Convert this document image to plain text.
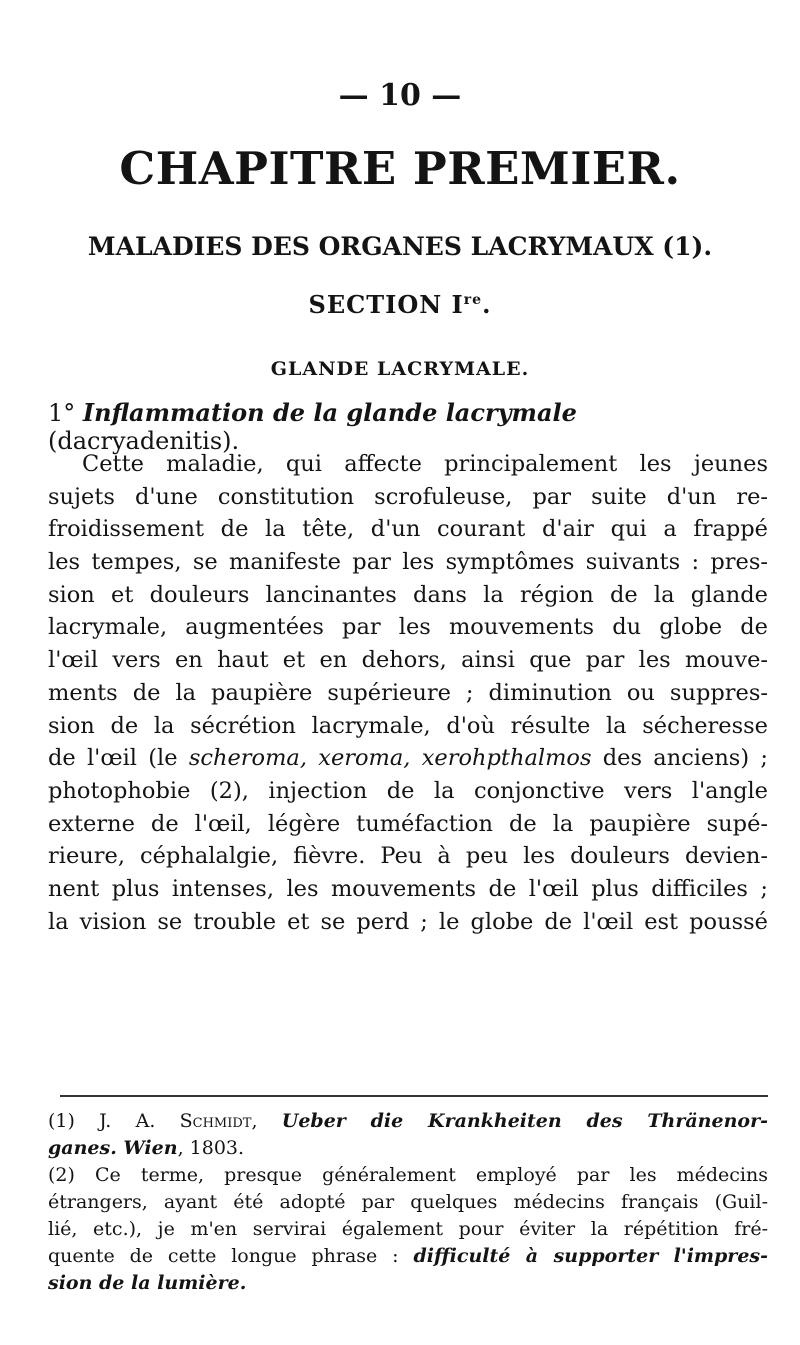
— 10 —
CHAPITRE PREMIER.
MALADIES DES ORGANES LACRYMAUX (1).
SECTION Ire.
GLANDE LACRYMALE.
1° Inflammation de la glande lacrymale (dacryadenitis).
Cette maladie, qui affecte principalement les jeunes
sujets d'une constitution scrofuleuse, par suite d'un re-
froidissement de la tête, d'un courant d'air qui a frappé
les tempes, se manifeste par les symptômes suivants : pres-
sion et douleurs lancinantes dans la région de la glande
lacrymale, augmentées par les mouvements du globe de
l'œil vers en haut et en dehors, ainsi que par les mouve-
ments de la paupière supérieure ; diminution ou suppres-
sion de la sécrétion lacrymale, d'où résulte la sécheresse
de l'œil (le scheroma, xeroma, xerohpthalmos des anciens) ;
photophobie (2), injection de la conjonctive vers l'angle
externe de l'œil, légère tuméfaction de la paupière supé-
rieure, céphalalgie, fièvre. Peu à peu les douleurs devien-
nent plus intenses, les mouvements de l'œil plus difficiles ;
la vision se trouble et se perd ; le globe de l'œil est poussé
(1) J. A. Schmidt, Ueber die Krankheiten des Thränenor-
ganes. Wien, 1803.
(2) Ce terme, presque généralement employé par les médecins
étrangers, ayant été adopté par quelques médecins français (Guil-
lié, etc.), je m'en servirai également pour éviter la répétition fré-
quente de cette longue phrase : difficulté à supporter l'impres-
sion de la lumière.
